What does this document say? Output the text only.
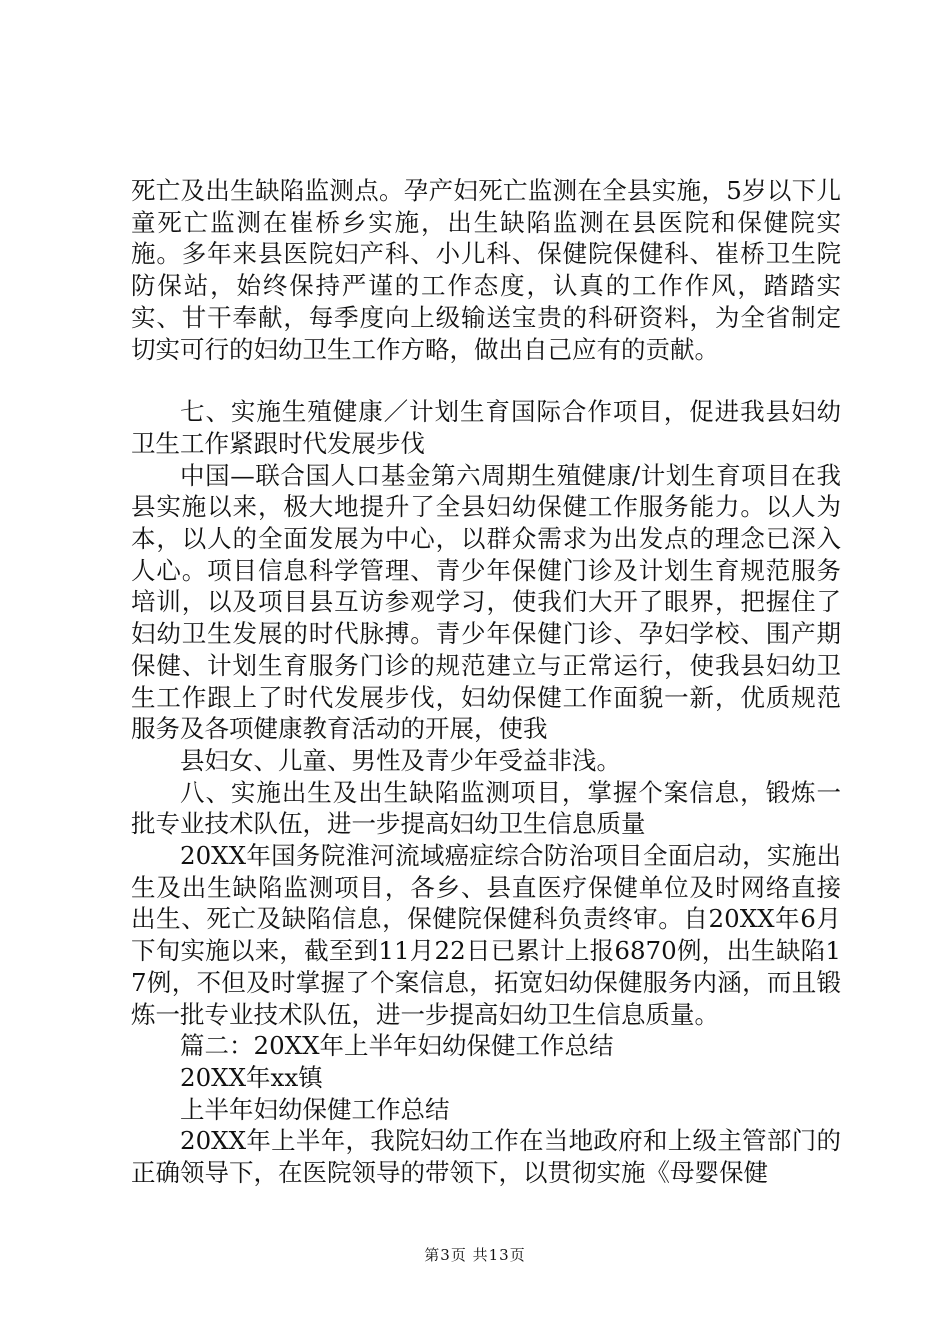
死亡及出生缺陷监测点。孕产妇死亡监测在全县实施，5岁以下儿童死亡监测在崔桥乡实施，出生缺陷监测在县医院和保健院实施。多年来县医院妇产科、小儿科、保健院保健科、崔桥卫生院防保站，始终保持严谨的工作态度，认真的工作作风，踏踏实实、甘干奉献，每季度向上级输送宝贵的科研资料，为全省制定切实可行的妇幼卫生工作方略，做出自己应有的贡献。

七、实施生殖健康／计划生育国际合作项目，促进我县妇幼卫生工作紧跟时代发展步伐

中国—联合国人口基金第六周期生殖健康/计划生育项目在我县实施以来，极大地提升了全县妇幼保健工作服务能力。以人为本，以人的全面发展为中心，以群众需求为出发点的理念已深入人心。项目信息科学管理、青少年保健门诊及计划生育规范服务培训，以及项目县互访参观学习，使我们大开了眼界，把握住了妇幼卫生发展的时代脉搏。青少年保健门诊、孕妇学校、围产期保健、计划生育服务门诊的规范建立与正常运行，使我县妇幼卫生工作跟上了时代发展步伐，妇幼保健工作面貌一新，优质规范服务及各项健康教育活动的开展，使我

县妇女、儿童、男性及青少年受益非浅。

八、实施出生及出生缺陷监测项目，掌握个案信息，锻炼一批专业技术队伍，进一步提高妇幼卫生信息质量

20XX年国务院淮河流域癌症综合防治项目全面启动，实施出生及出生缺陷监测项目，各乡、县直医疗保健单位及时网络直接出生、死亡及缺陷信息，保健院保健科负责终审。自20XX年6月下旬实施以来，截至到11月22日已累计上报6870例，出生缺陷17例，不但及时掌握了个案信息，拓宽妇幼保健服务内涵，而且锻炼一批专业技术队伍，进一步提高妇幼卫生信息质量。

篇二：20XX年上半年妇幼保健工作总结

20XX年xx镇

上半年妇幼保健工作总结

20XX年上半年，我院妇幼工作在当地政府和上级主管部门的正确领导下，在医院领导的带领下，以贯彻实施《母婴保健

第3页 共13页
